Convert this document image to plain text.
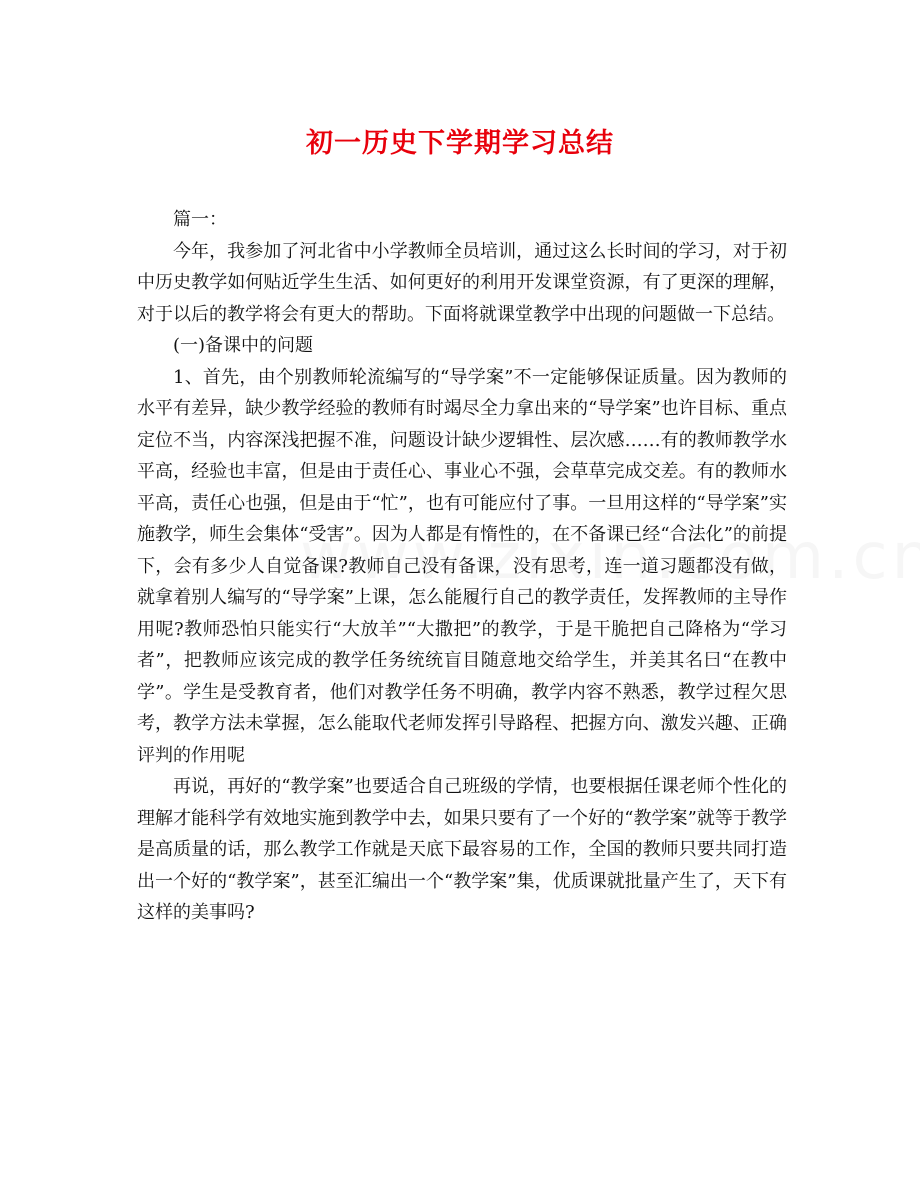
初一历史下学期学习总结

篇一：

今年，我参加了河北省中小学教师全员培训，通过这么长时间的学习，对于初中历史教学如何贴近学生生活、如何更好的利用开发课堂资源，有了更深的理解，对于以后的教学将会有更大的帮助。下面将就课堂教学中出现的问题做一下总结。

(一)备课中的问题

1、首先，由个别教师轮流编写的“导学案”不一定能够保证质量。因为教师的水平有差异，缺少教学经验的教师有时竭尽全力拿出来的“导学案”也许目标、重点定位不当，内容深浅把握不准，问题设计缺少逻辑性、层次感……有的教师教学水平高，经验也丰富，但是由于责任心、事业心不强，会草草完成交差。有的教师水平高，责任心也强，但是由于“忙”，也有可能应付了事。一旦用这样的“导学案”实施教学，师生会集体“受害”。因为人都是有惰性的，在不备课已经“合法化”的前提下，会有多少人自觉备课?教师自己没有备课，没有思考，连一道习题都没有做，就拿着别人编写的“导学案”上课，怎么能履行自己的教学责任，发挥教师的主导作用呢?教师恐怕只能实行“大放羊”“大撒把”的教学，于是干脆把自己降格为“学习者”，把教师应该完成的教学任务统统盲目随意地交给学生，并美其名曰“在教中学”。学生是受教育者，他们对教学任务不明确，教学内容不熟悉，教学过程欠思考，教学方法未掌握，怎么能取代老师发挥引导路程、把握方向、激发兴趣、正确评判的作用呢

再说，再好的“教学案”也要适合自己班级的学情，也要根据任课老师个性化的理解才能科学有效地实施到教学中去，如果只要有了一个好的“教学案”就等于教学是高质量的话，那么教学工作就是天底下最容易的工作，全国的教师只要共同打造出一个好的“教学案”，甚至汇编出一个“教学案”集，优质课就批量产生了，天下有这样的美事吗?
